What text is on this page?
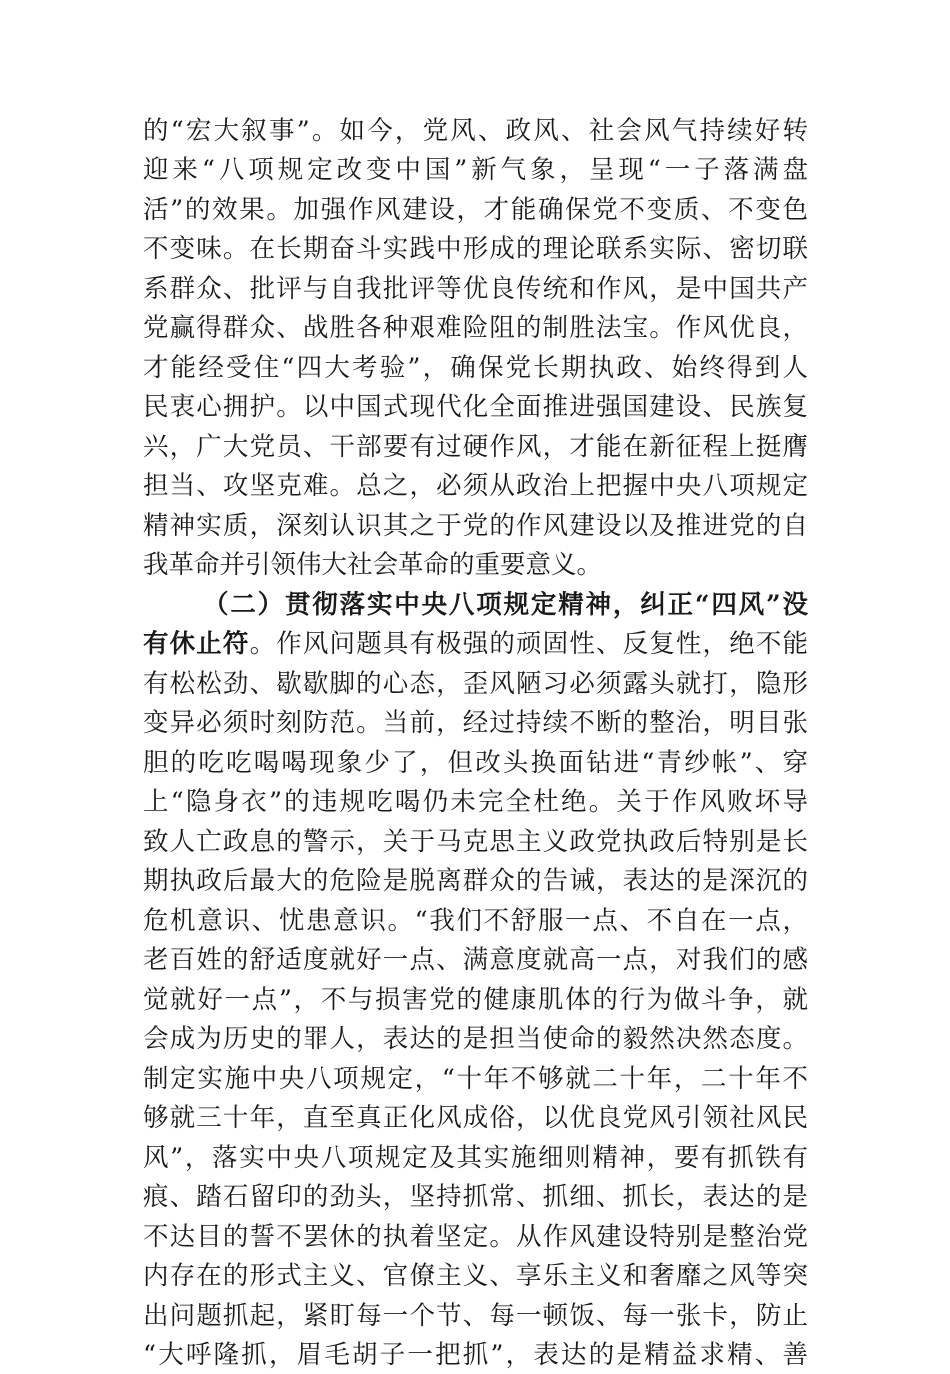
的“宏大叙事”。如今，党风、政风、社会风气持续好转
迎来“八项规定改变中国”新气象，呈现“一子落满盘
活”的效果。加强作风建设，才能确保党不变质、不变色
不变味。在长期奋斗实践中形成的理论联系实际、密切联
系群众、批评与自我批评等优良传统和作风，是中国共产
党赢得群众、战胜各种艰难险阻的制胜法宝。作风优良，
才能经受住“四大考验”，确保党长期执政、始终得到人
民衷心拥护。以中国式现代化全面推进强国建设、民族复
兴，广大党员、干部要有过硬作风，才能在新征程上挺膺
担当、攻坚克难。总之，必须从政治上把握中央八项规定
精神实质，深刻认识其之于党的作风建设以及推进党的自
我革命并引领伟大社会革命的重要意义。
（二）贯彻落实中央八项规定精神，纠正“四风”没
有休止符。作风问题具有极强的顽固性、反复性，绝不能
有松松劲、歇歇脚的心态，歪风陋习必须露头就打，隐形
变异必须时刻防范。当前，经过持续不断的整治，明目张
胆的吃吃喝喝现象少了，但改头换面钻进“青纱帐”、穿
上“隐身衣”的违规吃喝仍未完全杜绝。关于作风败坏导
致人亡政息的警示，关于马克思主义政党执政后特别是长
期执政后最大的危险是脱离群众的告诫，表达的是深沉的
危机意识、忧患意识。“我们不舒服一点、不自在一点，
老百姓的舒适度就好一点、满意度就高一点，对我们的感
觉就好一点”，不与损害党的健康肌体的行为做斗争，就
会成为历史的罪人，表达的是担当使命的毅然决然态度。
制定实施中央八项规定，“十年不够就二十年，二十年不
够就三十年，直至真正化风成俗，以优良党风引领社风民
风”，落实中央八项规定及其实施细则精神，要有抓铁有
痕、踏石留印的劲头，坚持抓常、抓细、抓长，表达的是
不达目的誓不罢休的执着坚定。从作风建设特别是整治党
内存在的形式主义、官僚主义、享乐主义和奢靡之风等突
出问题抓起，紧盯每一个节、每一顿饭、每一张卡，防止
“大呼隆抓，眉毛胡子一把抓”，表达的是精益求精、善
